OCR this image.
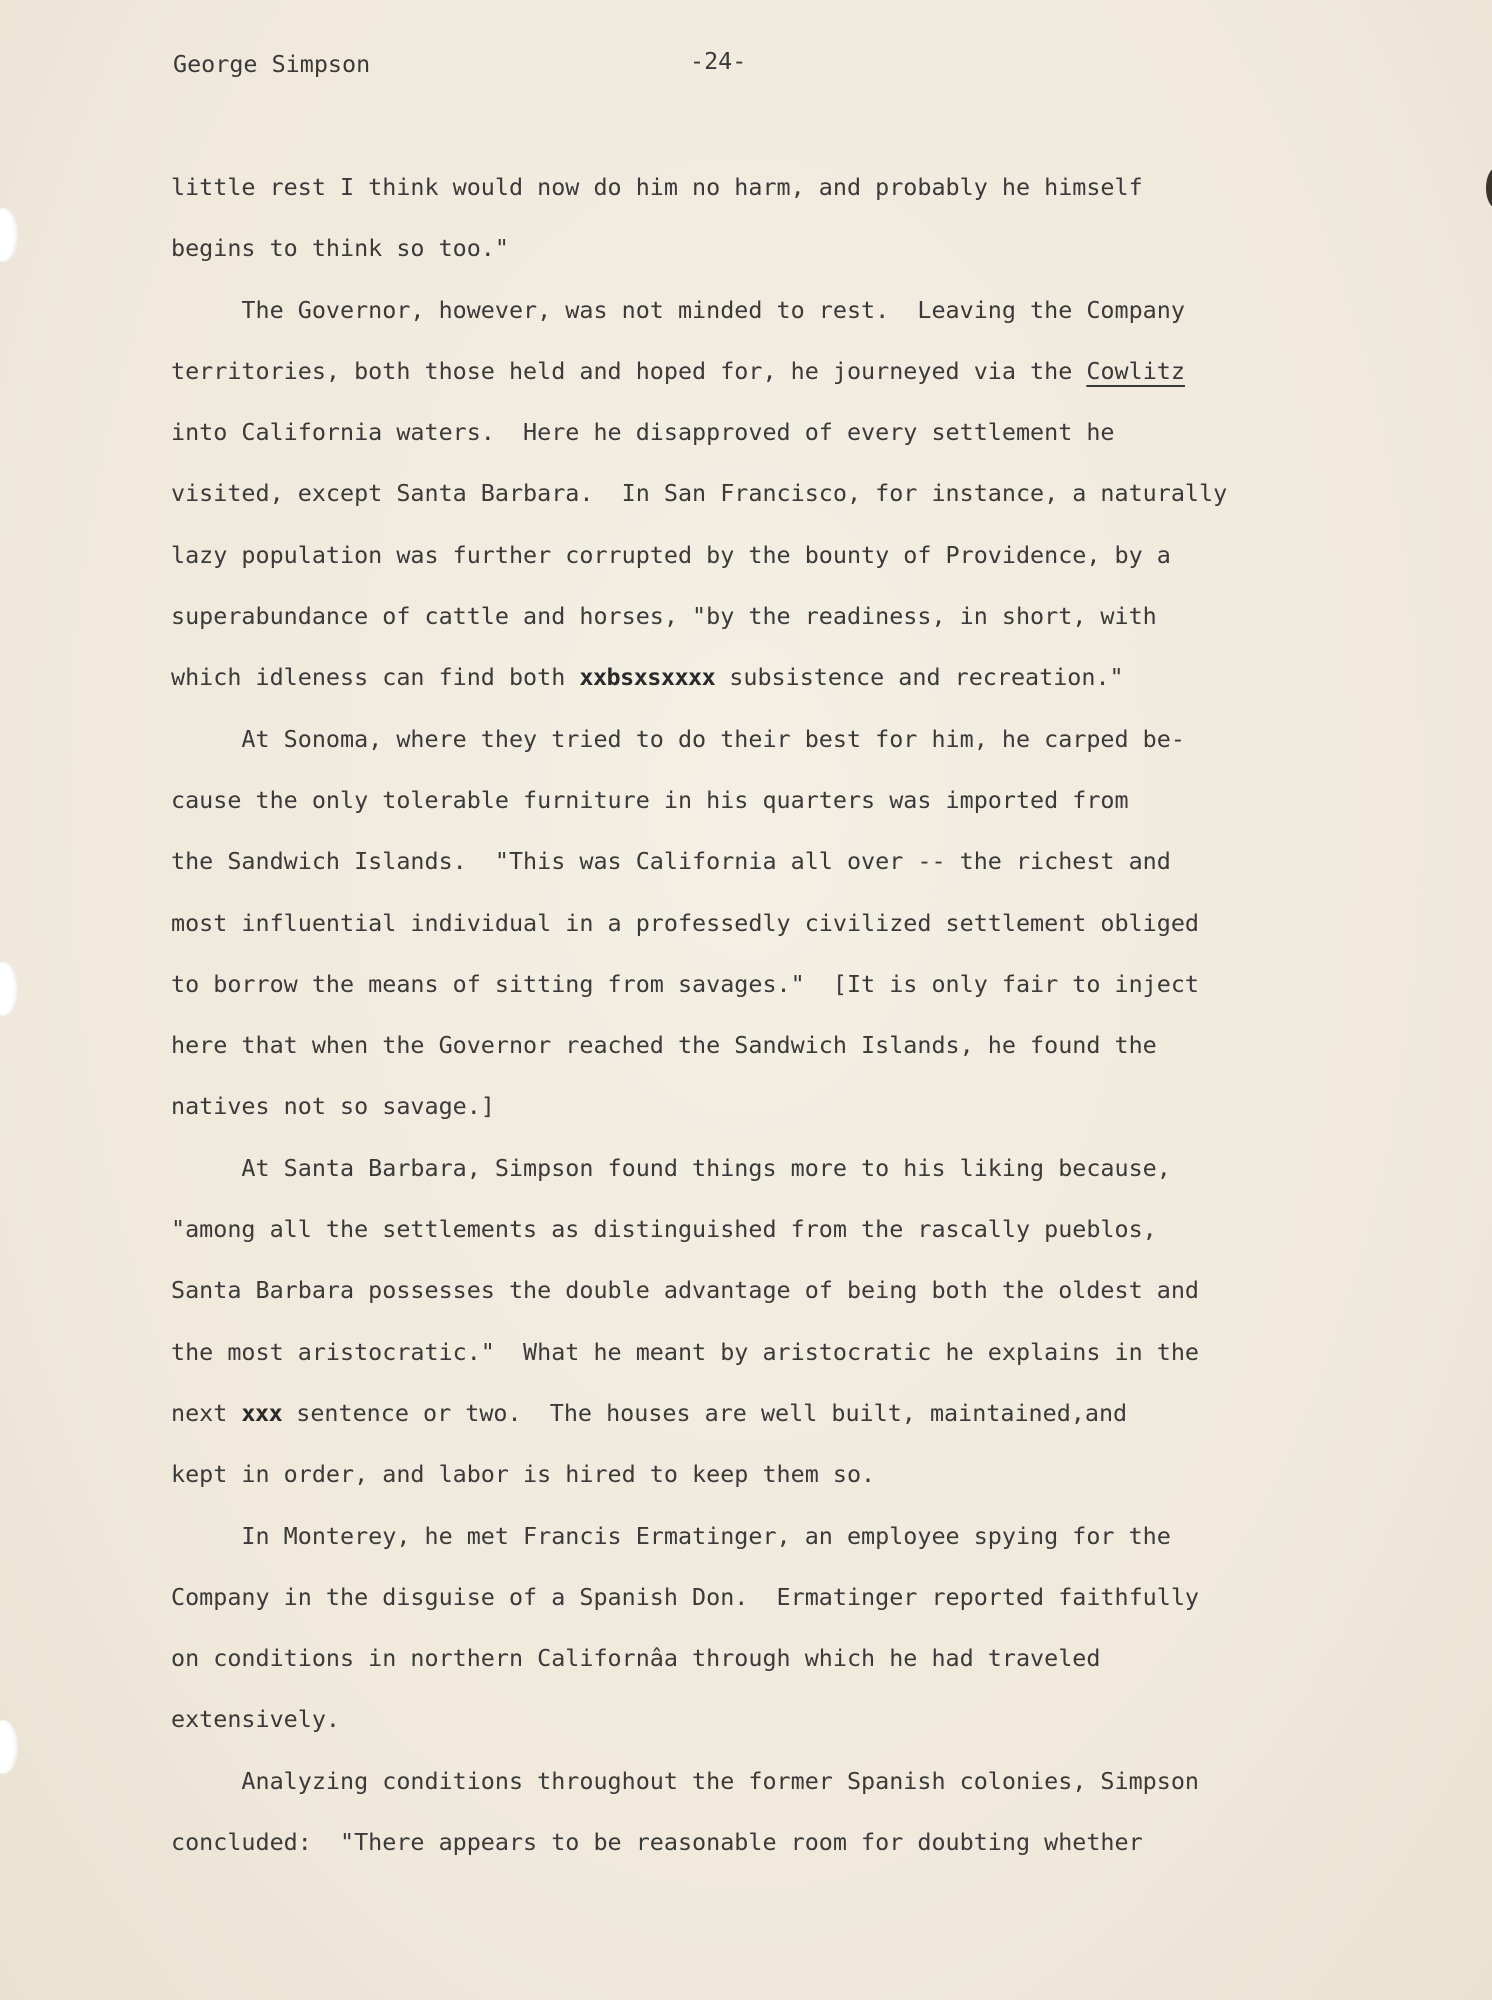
George Simpson	-24-
little rest I think would now do him no harm, and probably he himself
begins to think so too."
The Governor, however, was not minded to rest.  Leaving the Company
territories, both those held and hoped for, he journeyed via the Cowlitz
into California waters.  Here he disapproved of every settlement he
visited, except Santa Barbara.  In San Francisco, for instance, a naturally
lazy population was further corrupted by the bounty of Providence, by a
superabundance of cattle and horses, "by the readiness, in short, with
which idleness can find both xxbsxsxxxx subsistence and recreation."
At Sonoma, where they tried to do their best for him, he carped be-
cause the only tolerable furniture in his quarters was imported from
the Sandwich Islands.  "This was California all over -- the richest and
most influential individual in a professedly civilized settlement obliged
to borrow the means of sitting from savages."  [It is only fair to inject
here that when the Governor reached the Sandwich Islands, he found the
natives not so savage.]
At Santa Barbara, Simpson found things more to his liking because,
"among all the settlements as distinguished from the rascally pueblos,
Santa Barbara possesses the double advantage of being both the oldest and
the most aristocratic."  What he meant by aristocratic he explains in the
next xxx sentence or two.  The houses are well built, maintained,and
kept in order, and labor is hired to keep them so.
In Monterey, he met Francis Ermatinger, an employee spying for the
Company in the disguise of a Spanish Don.  Ermatinger reported faithfully
on conditions in northern Californâa through which he had traveled
extensively.
Analyzing conditions throughout the former Spanish colonies, Simpson
concluded:  "There appears to be reasonable room for doubting whether
